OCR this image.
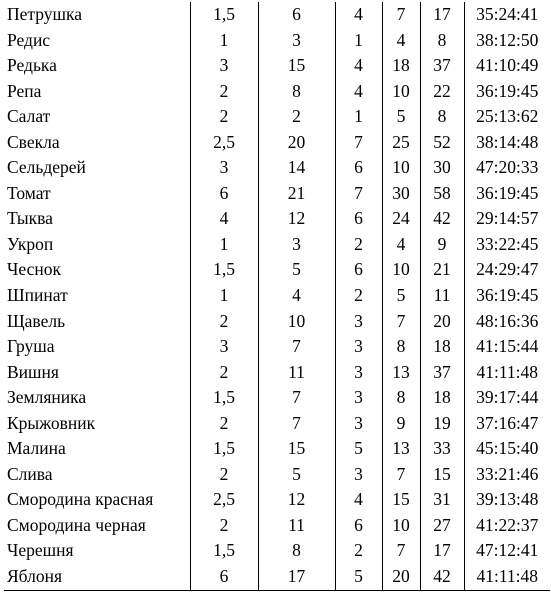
Петрушка	1,5	6	4	7	17	35:24:41
Редис	1	3	1	4	8	38:12:50
Редька	3	15	4	18	37	41:10:49
Репа	2	8	4	10	22	36:19:45
Салат	2	2	1	5	8	25:13:62
Свекла	2,5	20	7	25	52	38:14:48
Сельдерей	3	14	6	10	30	47:20:33
Томат	6	21	7	30	58	36:19:45
Тыква	4	12	6	24	42	29:14:57
Укроп	1	3	2	4	9	33:22:45
Чеснок	1,5	5	6	10	21	24:29:47
Шпинат	1	4	2	5	11	36:19:45
Щавель	2	10	3	7	20	48:16:36
Груша	3	7	3	8	18	41:15:44
Вишня	2	11	3	13	37	41:11:48
Земляника	1,5	7	3	8	18	39:17:44
Крыжовник	2	7	3	9	19	37:16:47
Малина	1,5	15	5	13	33	45:15:40
Слива	2	5	3	7	15	33:21:46
Смородина красная	2,5	12	4	15	31	39:13:48
Смородина черная	2	11	6	10	27	41:22:37
Черешня	1,5	8	2	7	17	47:12:41
Яблоня	6	17	5	20	42	41:11:48
